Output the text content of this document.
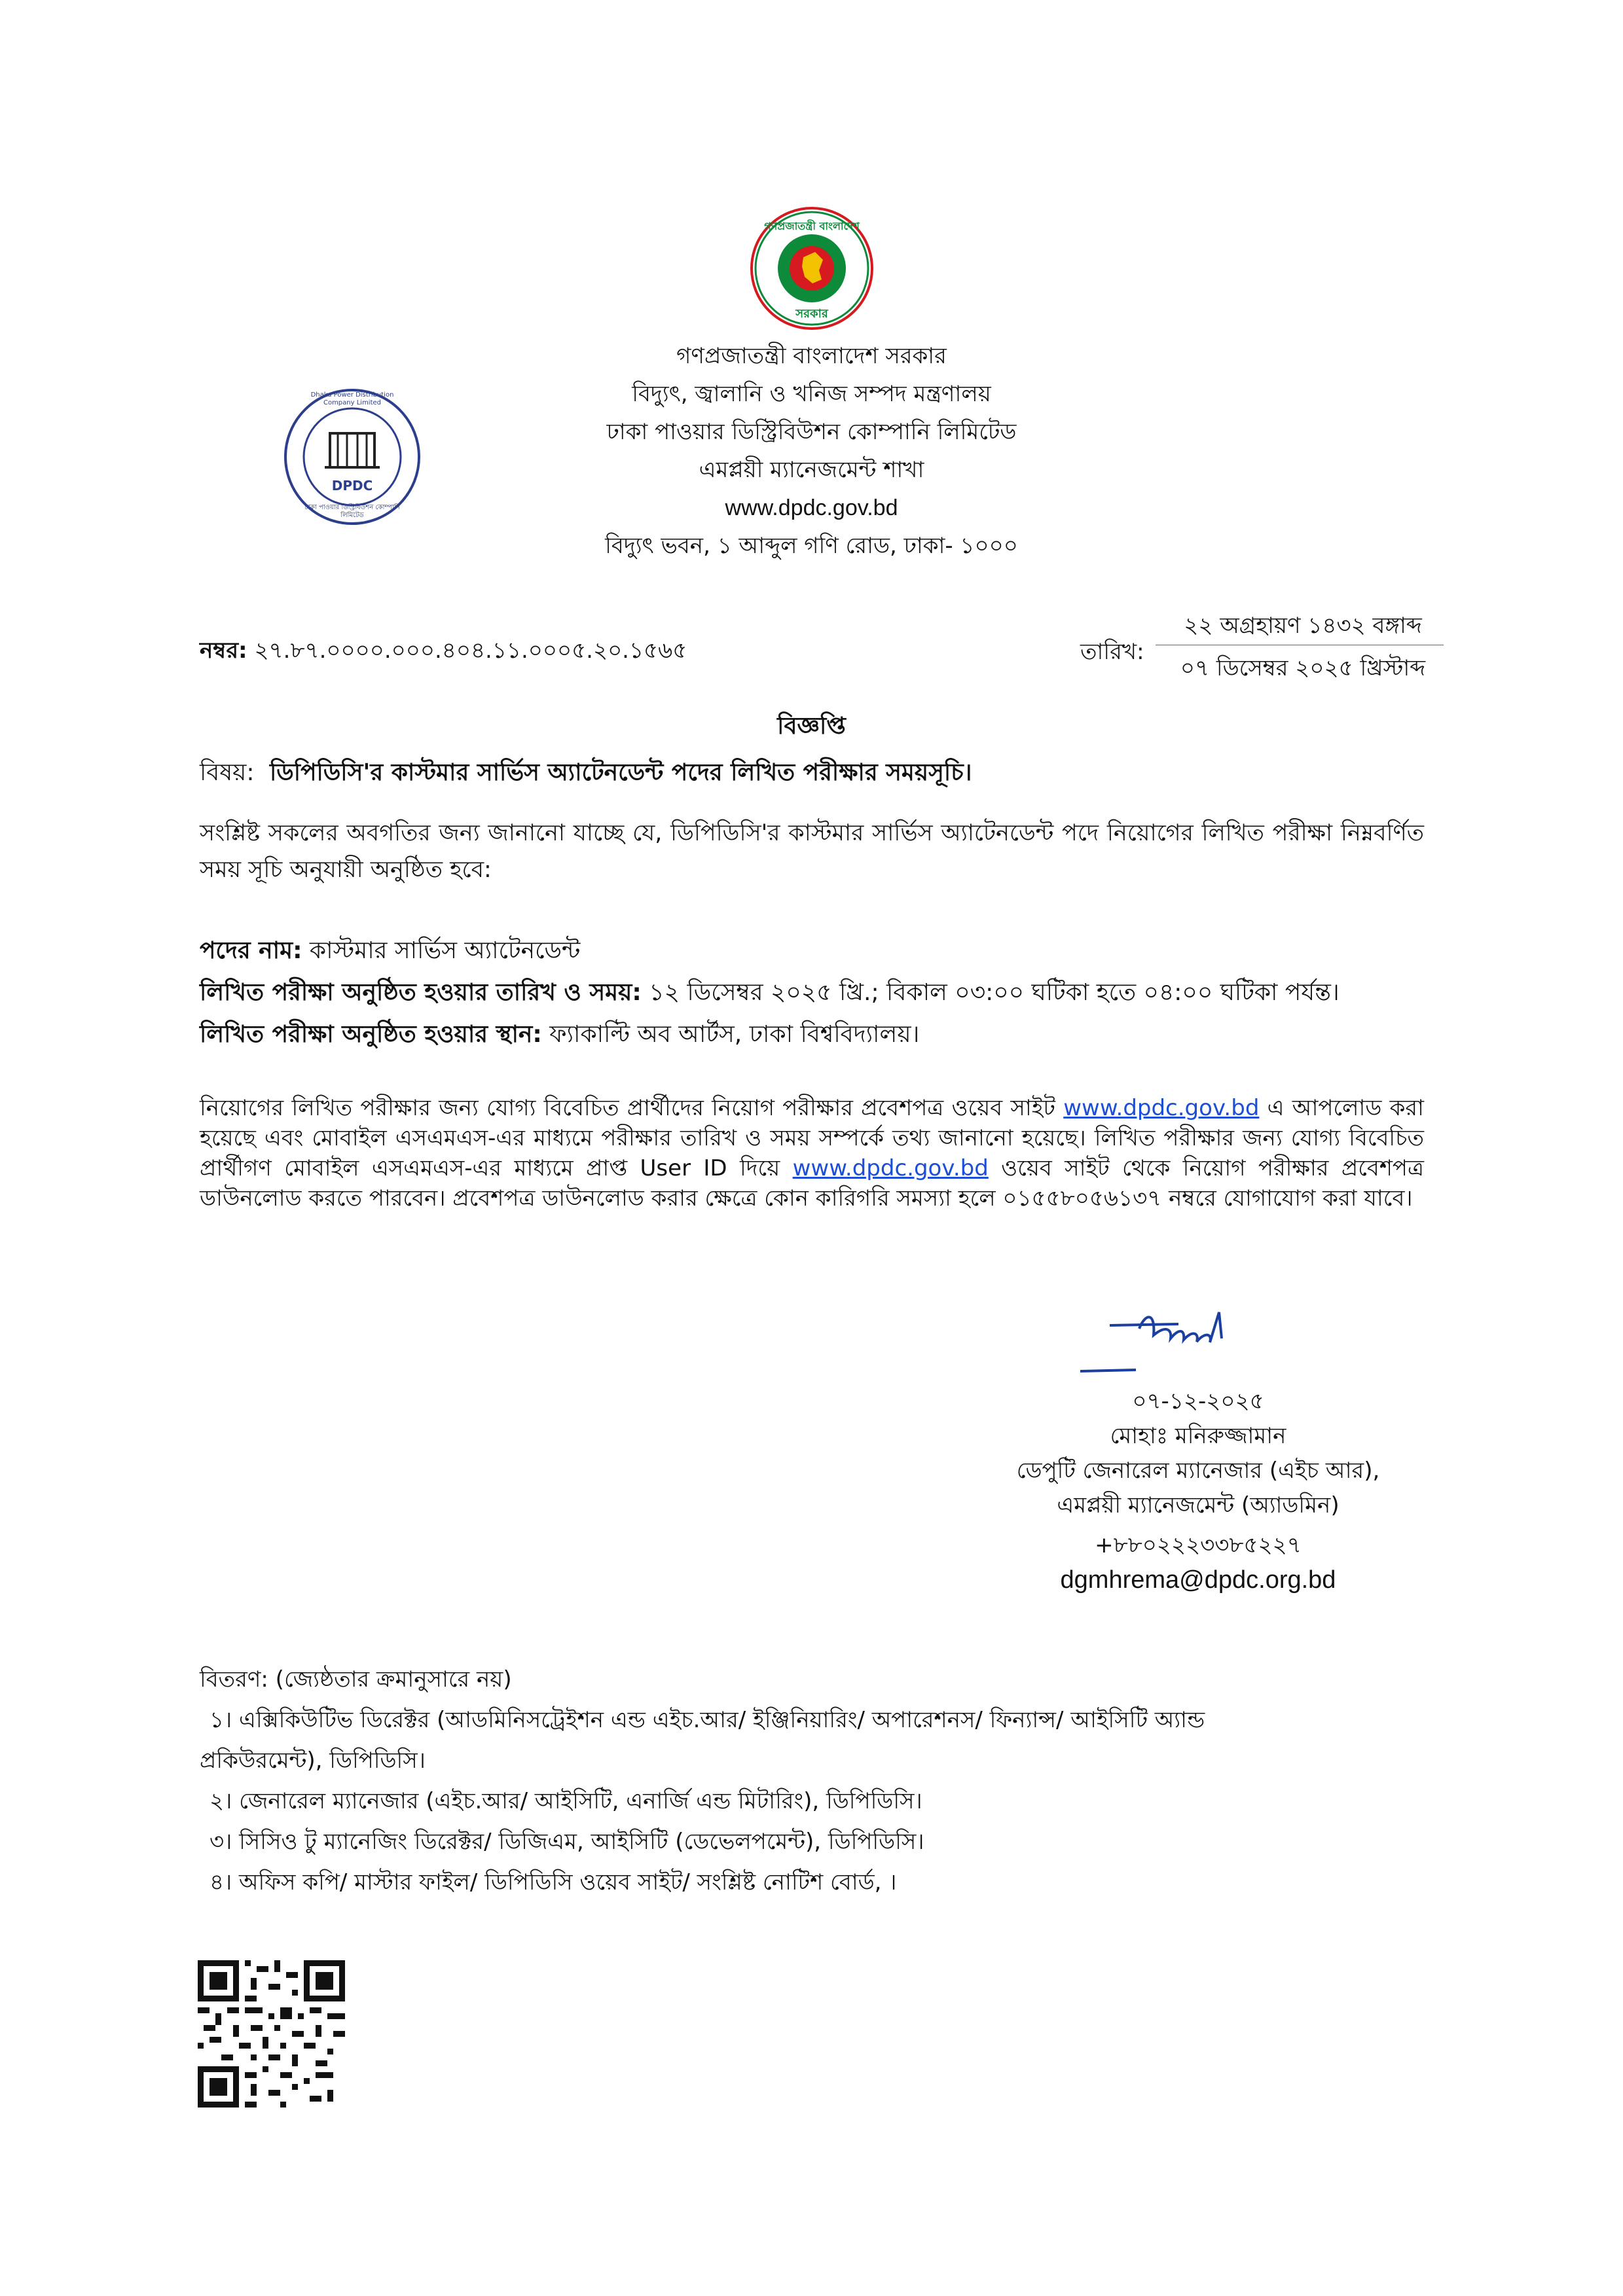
গণপ্রজাতন্ত্রী বাংলাদেশ
সরকার
DPDC
Dhaka Power Distribution Company Limited
ঢাকা পাওয়ার ডিস্ট্রিবিউশন কোম্পানি লিমিটেড
গণপ্রজাতন্ত্রী বাংলাদেশ সরকার
বিদ্যুৎ, জ্বালানি ও খনিজ সম্পদ মন্ত্রণালয়
ঢাকা পাওয়ার ডিস্ট্রিবিউশন কোম্পানি লিমিটেড
এমপ্লয়ী ম্যানেজমেন্ট শাখা
www.dpdc.gov.bd
বিদ্যুৎ ভবন, ১ আব্দুল গণি রোড, ঢাকা- ১০০০
নম্বর: ২৭.৮৭.০০০০.০০০.৪০৪.১১.০০০৫.২০.১৫৬৫	তারিখ:
২২ অগ্রহায়ণ ১৪৩২ বঙ্গাব্দ
০৭ ডিসেম্বর ২০২৫ খ্রিস্টাব্দ
বিজ্ঞপ্তি
বিষয়: ডিপিডিসি'র কাস্টমার সার্ভিস অ্যাটেনডেন্ট পদের লিখিত পরীক্ষার সময়সূচি।
সংশ্লিষ্ট সকলের অবগতির জন্য জানানো যাচ্ছে যে, ডিপিডিসি'র কাস্টমার সার্ভিস অ্যাটেনডেন্ট পদে নিয়োগের লিখিত পরীক্ষা নিম্নবর্ণিত সময় সূচি অনুযায়ী অনুষ্ঠিত হবে:
পদের নাম: কাস্টমার সার্ভিস অ্যাটেনডেন্ট
লিখিত পরীক্ষা অনুষ্ঠিত হওয়ার তারিখ ও সময়: ১২ ডিসেম্বর ২০২৫ খ্রি.; বিকাল ০৩:০০ ঘটিকা হতে ০৪:০০ ঘটিকা পর্যন্ত।
লিখিত পরীক্ষা অনুষ্ঠিত হওয়ার স্থান: ফ্যাকাল্টি অব আর্টস, ঢাকা বিশ্ববিদ্যালয়।
নিয়োগের লিখিত পরীক্ষার জন্য যোগ্য বিবেচিত প্রার্থীদের নিয়োগ পরীক্ষার প্রবেশপত্র ওয়েব সাইট www.dpdc.gov.bd এ আপলোড করা হয়েছে এবং মোবাইল এসএমএস-এর মাধ্যমে পরীক্ষার তারিখ ও সময় সম্পর্কে তথ্য জানানো হয়েছে। লিখিত পরীক্ষার জন্য যোগ্য বিবেচিত প্রার্থীগণ মোবাইল এসএমএস-এর মাধ্যমে প্রাপ্ত User ID দিয়ে www.dpdc.gov.bd ওয়েব সাইট থেকে নিয়োগ পরীক্ষার প্রবেশপত্র ডাউনলোড করতে পারবেন। প্রবেশপত্র ডাউনলোড করার ক্ষেত্রে কোন কারিগরি সমস্যা হলে ০১৫৫৮০৫৬১৩৭ নম্বরে যোগাযোগ করা যাবে।
০৭-১২-২০২৫
মোহাঃ মনিরুজ্জামান
ডেপুটি জেনারেল ম্যানেজার (এইচ আর),
এমপ্লয়ী ম্যানেজমেন্ট (অ্যাডমিন)
+৮৮০২২২৩৩৮৫২২৭
dgmhrema@dpdc.org.bd
বিতরণ: (জ্যেষ্ঠতার ক্রমানুসারে নয়)
১। এক্সিকিউটিভ ডিরেক্টর (আডমিনিসট্রেইশন এন্ড এইচ.আর/ ইঞ্জিনিয়ারিং/ অপারেশনস/ ফিন্যান্স/ আইসিটি অ্যান্ড
প্রকিউরমেন্ট), ডিপিডিসি।
২। জেনারেল ম্যানেজার (এইচ.আর/ আইসিটি, এনার্জি এন্ড মিটারিং), ডিপিডিসি।
৩। সিসিও টু ম্যানেজিং ডিরেক্টর/ ডিজিএম, আইসিটি (ডেভেলপমেন্ট), ডিপিডিসি।
৪। অফিস কপি/ মাস্টার ফাইল/ ডিপিডিসি ওয়েব সাইট/ সংশ্লিষ্ট নোটিশ বোর্ড, ।
